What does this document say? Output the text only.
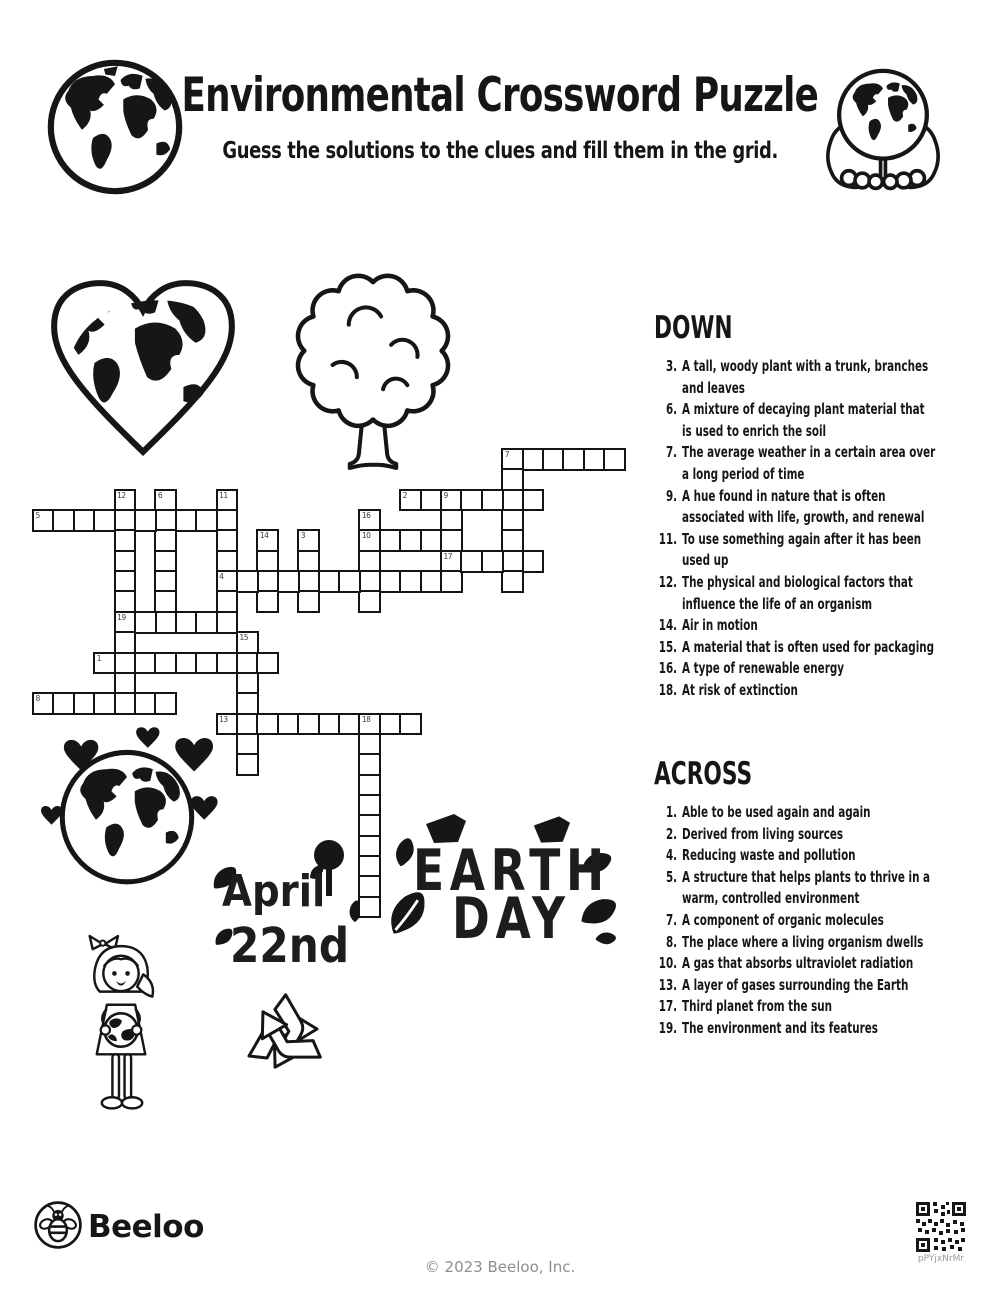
Environmental Crossword Puzzle
Guess the solutions to the clues and fill them in the grid.
April
22nd
EARTH
DAY
7
2	9
17
12
19
6	11
4
5	16
10
14	3
15
1
8
13	18
DOWN
3. A tall, woody plant with a trunk, branches and leaves
6. A mixture of decaying plant material that is used to enrich the soil
7. The average weather in a certain area over a long period of time
9. A hue found in nature that is often associated with life, growth, and renewal
11. To use something again after it has been used up
12. The physical and biological factors that influence the life of an organism
14. Air in motion
15. A material that is often used for packaging
16. A type of renewable energy
18. At risk of extinction
ACROSS
1. Able to be used again and again
2. Derived from living sources
4. Reducing waste and pollution
5. A structure that helps plants to thrive in a warm, controlled environment
7. A component of organic molecules
8. The place where a living organism dwells
10. A gas that absorbs ultraviolet radiation
13. A layer of gases surrounding the Earth
17. Third planet from the sun
19. The environment and its features
Beeloo
© 2023 Beeloo, Inc.	pPYjxNrMr
